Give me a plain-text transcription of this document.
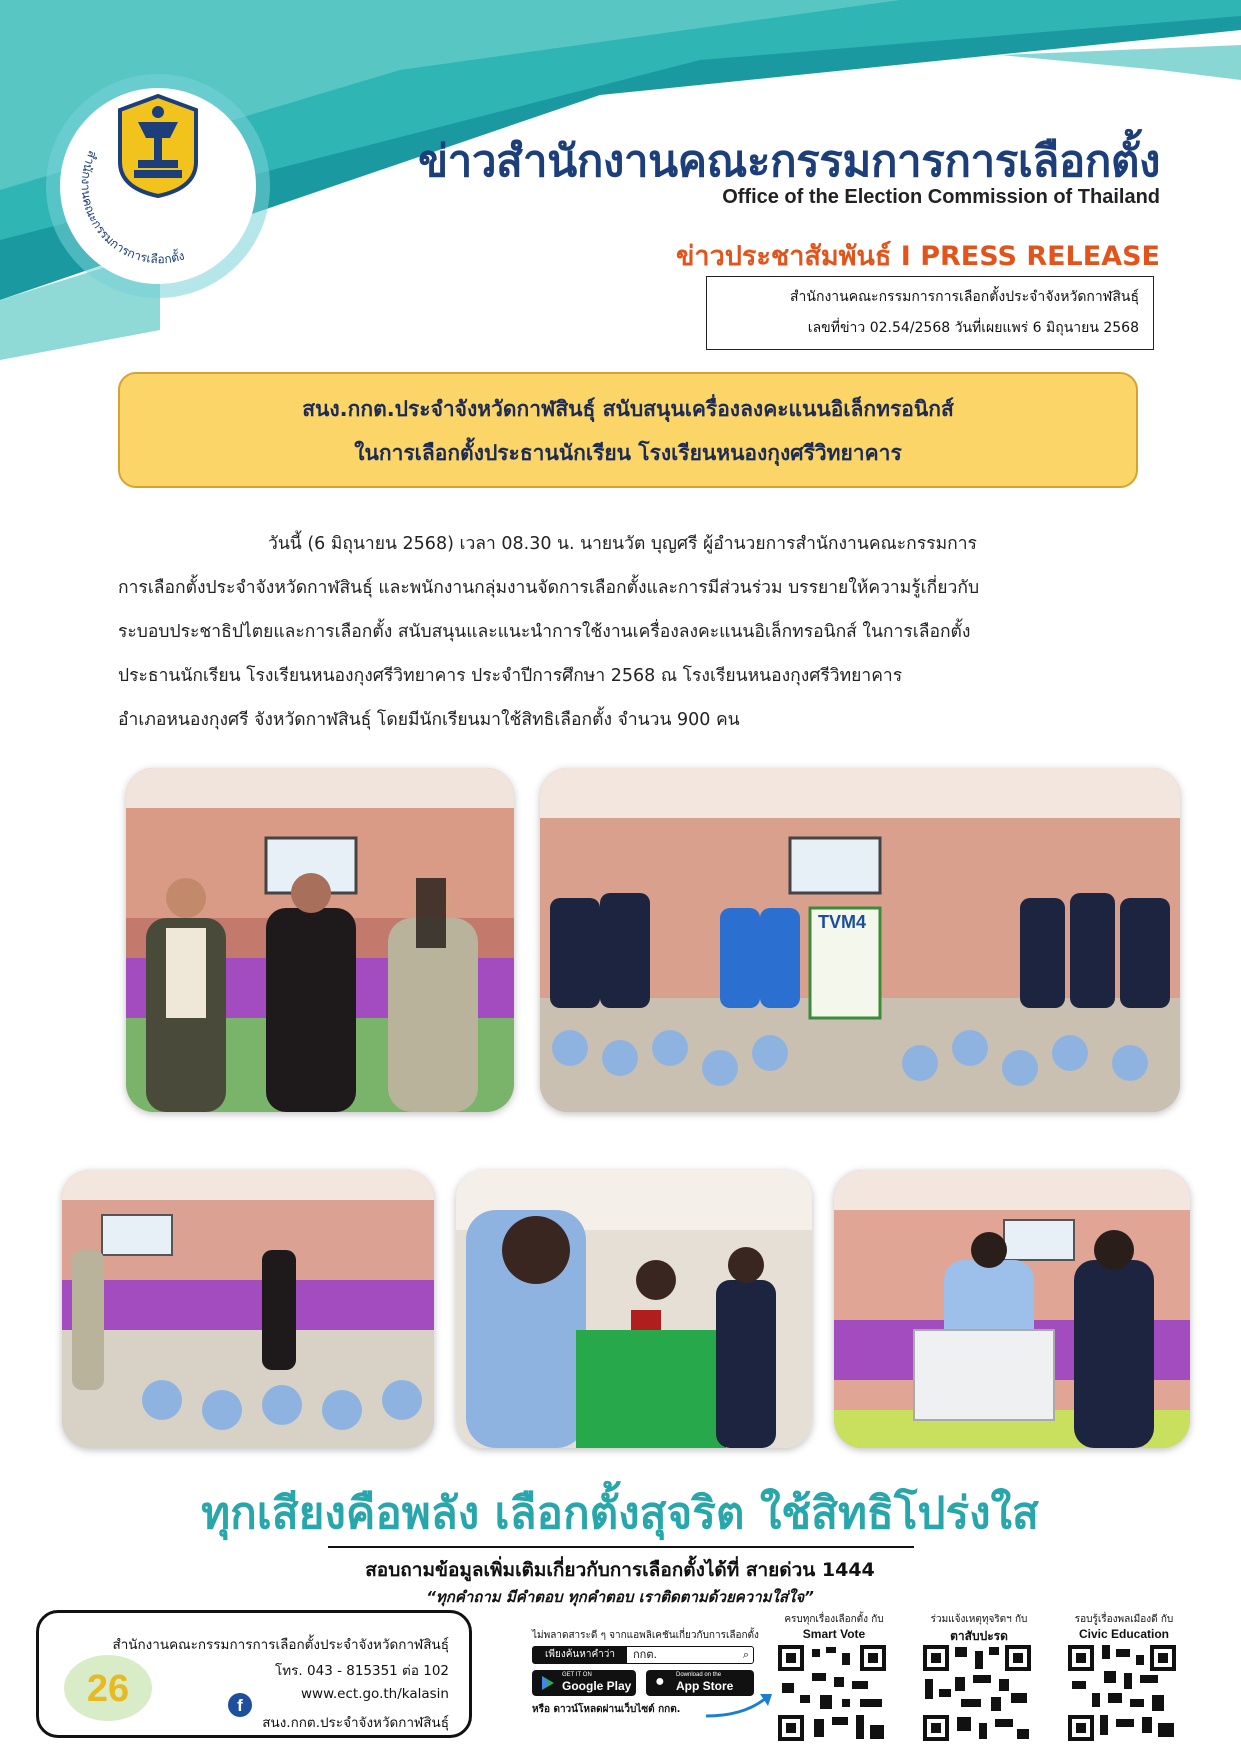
สำนักงานคณะกรรมการการเลือกตั้ง
ข่าวสำนักงานคณะกรรมการการเลือกตั้ง
Office of the Election Commission of Thailand
ข่าวประชาสัมพันธ์ I PRESS RELEASE
สำนักงานคณะกรรมการการเลือกตั้งประจำจังหวัดกาฬสินธุ์
เลขที่ข่าว 02.54/2568 วันที่เผยแพร่ 6 มิถุนายน 2568
สนง.กกต.ประจำจังหวัดกาฬสินธุ์ สนับสนุนเครื่องลงคะแนนอิเล็กทรอนิกส์
ในการเลือกตั้งประธานนักเรียน โรงเรียนหนองกุงศรีวิทยาคาร
วันนี้ (6 มิถุนายน 2568) เวลา 08.30 น. นายนวัต บุญศรี ผู้อำนวยการสำนักงานคณะกรรมการ
การเลือกตั้งประจำจังหวัดกาฬสินธุ์ และพนักงานกลุ่มงานจัดการเลือกตั้งและการมีส่วนร่วม บรรยายให้ความรู้เกี่ยวกับ
ระบอบประชาธิปไตยและการเลือกตั้ง สนับสนุนและแนะนำการใช้งานเครื่องลงคะแนนอิเล็กทรอนิกส์ ในการเลือกตั้ง
ประธานนักเรียน โรงเรียนหนองกุงศรีวิทยาคาร ประจำปีการศึกษา 2568 ณ โรงเรียนหนองกุงศรีวิทยาคาร
อำเภอหนองกุงศรี จังหวัดกาฬสินธุ์ โดยมีนักเรียนมาใช้สิทธิเลือกตั้ง จำนวน 900 คน
TVM4
ทุกเสียงคือพลัง เลือกตั้งสุจริต ใช้สิทธิโปร่งใส
สอบถามข้อมูลเพิ่มเติมเกี่ยวกับการเลือกตั้งได้ที่ สายด่วน 1444
“ทุกคำถาม มีคำตอบ ทุกคำตอบ เราติดตามด้วยความใส่ใจ”
สำนักงานคณะกรรมการการเลือกตั้งประจำจังหวัดกาฬสินธุ์
โทร. 043 - 815351 ต่อ 102
www.ect.go.th/kalasin
สนง.กกต.ประจำจังหวัดกาฬสินธุ์
26	f
ไม่พลาดสาระดี ๆ จากแอพลิเคชันเกี่ยวกับการเลือกตั้ง
เพียงค้นหาคำว่า	กกต.	⌕
GET IT ON
Google Play ● Download on the
App Store
หรือ ดาวน์โหลดผ่านเว็บไซต์ กกต.
ครบทุกเรื่องเลือกตั้ง กับ
Smart Vote
ร่วมแจ้งเหตุทุจริตฯ กับ
ตาสับปะรด
รอบรู้เรื่องพลเมืองดี กับ
Civic Education
